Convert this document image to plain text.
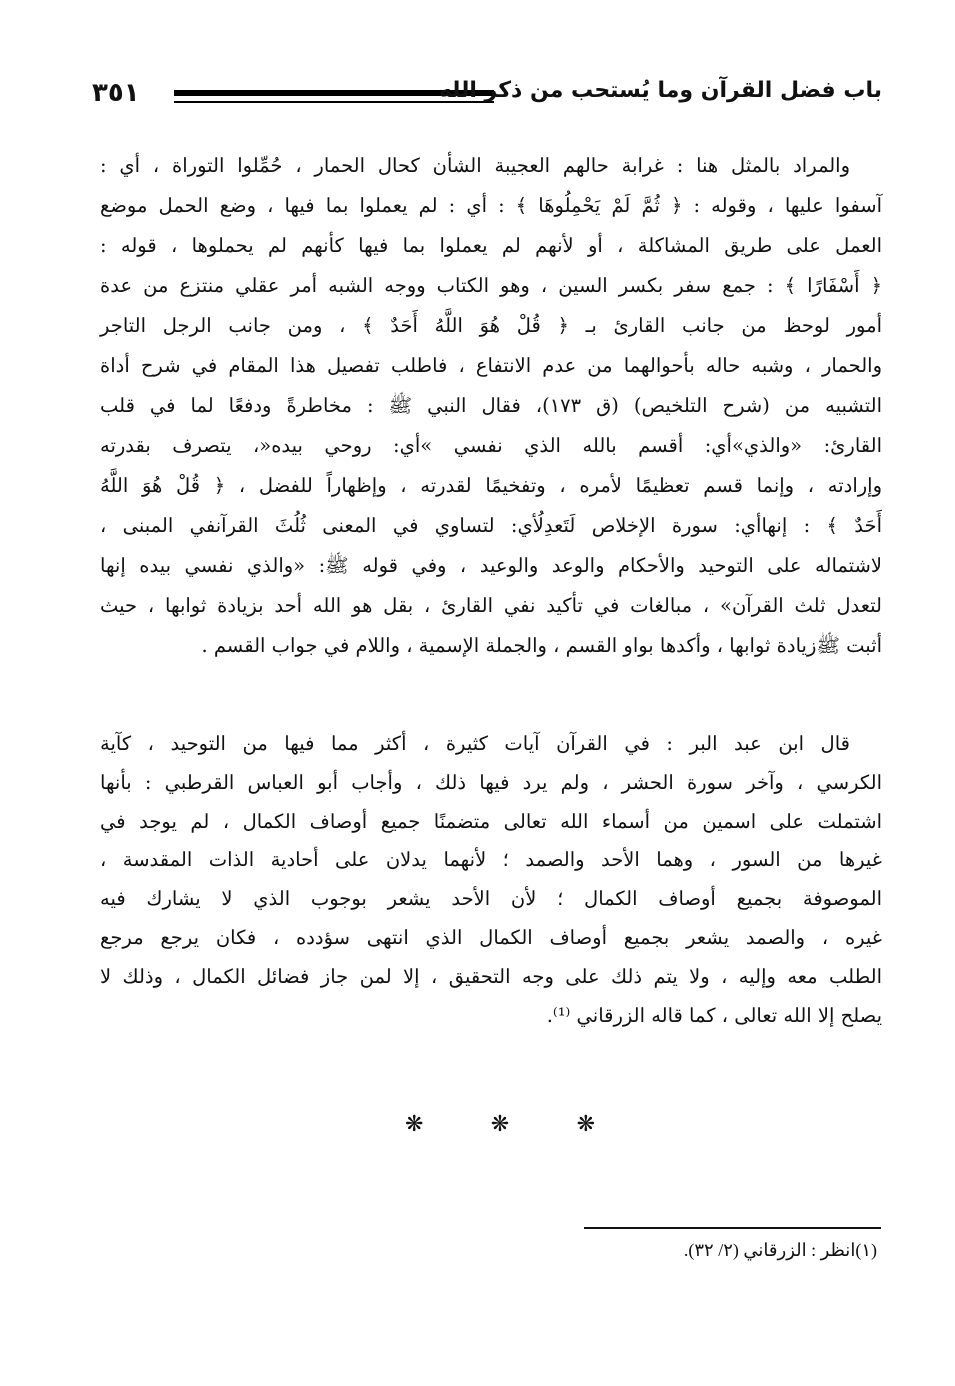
٣٥١	باب فضل القرآن وما يُستحب من ذكر الله
والمراد بالمثل هنا : غرابة حالهم العجيبة الشأن كحال الحمار ، حُمِّلوا التوراة ، أي :
آسفوا عليها ، وقوله : ﴿ ثُمَّ لَمْ يَحْمِلُوهَا ﴾ : أي : لم يعملوا بما فيها ، وضع الحمل موضع
العمل على طريق المشاكلة ، أو لأنهم لم يعملوا بما فيها كأنهم لم يحملوها ، قوله :
﴿ أَسْفَارًا ﴾ : جمع سفر بكسر السين ، وهو الكتاب ووجه الشبه أمر عقلي منتزع من عدة
أمور لوحظ من جانب القارئ بـ ﴿ قُلْ هُوَ اللَّهُ أَحَدٌ ﴾ ، ومن جانب الرجل التاجر
والحمار ، وشبه حاله بأحوالهما من عدم الانتفاع ، فاطلب تفصيل هذا المقام في شرح أداة
التشبيه من (شرح التلخيص) (ق ١٧٣)، فقال النبي ﷺ : مخاطرةً ودفعًا لما في قلب
القارئ: «والذي»أي: أقسم بالله الذي نفسي »أي: روحي بيده«، يتصرف بقدرته
وإرادته ، وإنما قسم تعظيمًا لأمره ، وتفخيمًا لقدرته ، وإظهاراً للفضل ، ﴿ قُلْ هُوَ اللَّهُ
أَحَدٌ ﴾ : إنهاأي: سورة الإخلاص لَتَعدِلُأي: لتساوي في المعنى ثُلُثَ القرآنفي المبنى ،
لاشتماله على التوحيد والأحكام والوعد والوعيد ، وفي قوله ﷺ: «والذي نفسي بيده إنها
لتعدل ثلث القرآن» ، مبالغات في تأكيد نفي القارئ ، بقل هو الله أحد بزيادة ثوابها ، حيث
أثبت ﷺزيادة ثوابها ، وأكدها بواو القسم ، والجملة الإسمية ، واللام في جواب القسم .
قال ابن عبد البر : في القرآن آيات كثيرة ، أكثر مما فيها من التوحيد ، كآية
الكرسي ، وآخر سورة الحشر ، ولم يرد فيها ذلك ، وأجاب أبو العباس القرطبي : بأنها
اشتملت على اسمين من أسماء الله تعالى متضمنًا جميع أوصاف الكمال ، لم يوجد في
غيرها من السور ، وهما الأحد والصمد ؛ لأنهما يدلان على أحادية الذات المقدسة ،
الموصوفة بجميع أوصاف الكمال ؛ لأن الأحد يشعر بوجوب الذي لا يشارك فيه
غيره ، والصمد يشعر بجميع أوصاف الكمال الذي انتهى سؤدده ، فكان يرجع مرجع
الطلب معه وإليه ، ولا يتم ذلك على وجه التحقيق ، إلا لمن جاز فضائل الكمال ، وذلك لا
يصلح إلا الله تعالى ، كما قاله الزرقاني ⁽¹⁾.
❋	❋	❋
(١)انظر : الزرقاني (٢/ ٣٢).
